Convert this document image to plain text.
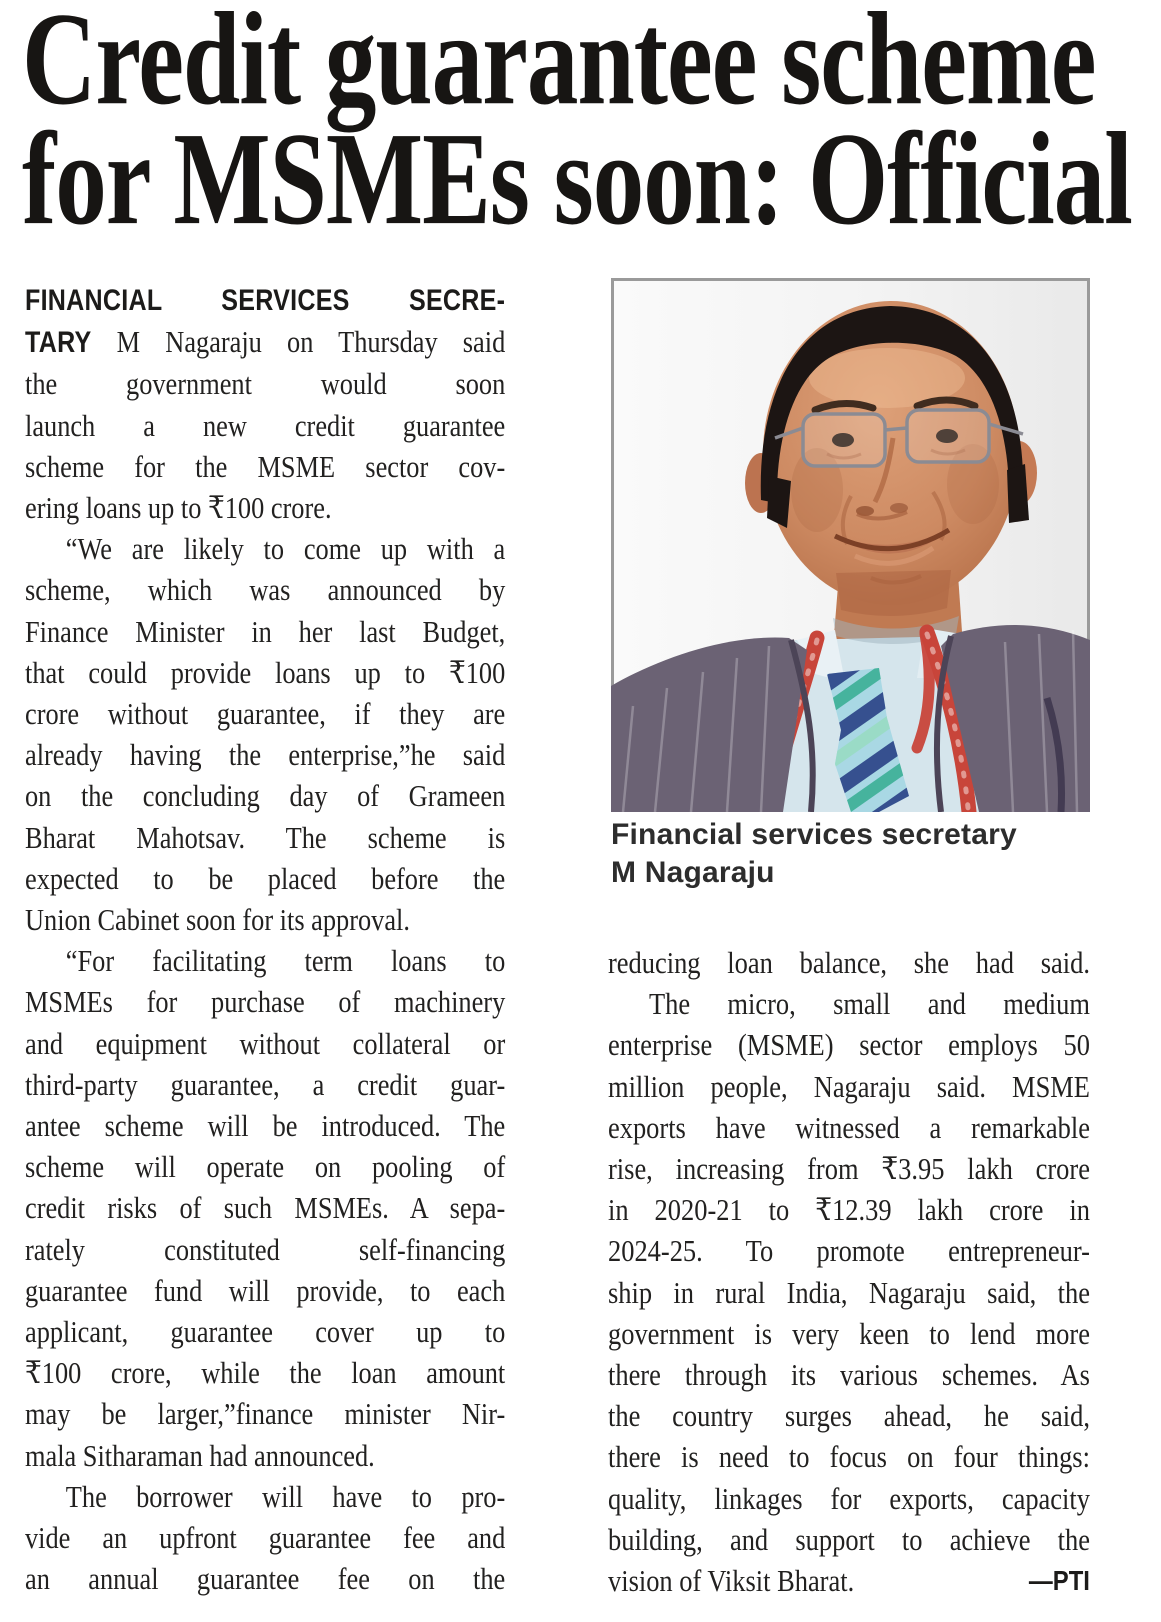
Credit guarantee scheme
for MSMEs soon: Official
FINANCIAL SERVICES SECRE-
TARY M Nagaraju on Thursday said
the government would soon
launch a new credit guarantee
scheme for the MSME sector cov-
ering loans up to ₹100 crore.
“We are likely to come up with a
scheme, which was announced by
Finance Minister in her last Budget,
that could provide loans up to ₹100
crore without guarantee, if they are
already having the enterprise,”he said
on the concluding day of Grameen
Bharat Mahotsav. The scheme is
expected to be placed before the
Union Cabinet soon for its approval.
“For facilitating term loans to
MSMEs for purchase of machinery
and equipment without collateral or
third-party guarantee, a credit guar-
antee scheme will be introduced. The
scheme will operate on pooling of
credit risks of such MSMEs. A sepa-
rately constituted self-financing
guarantee fund will provide, to each
applicant, guarantee cover up to
₹100 crore, while the loan amount
may be larger,”finance minister Nir-
mala Sitharaman had announced.
The borrower will have to pro-
vide an upfront guarantee fee and
an annual guarantee fee on the
Financial services secretary
M Nagaraju
reducing loan balance, she had said.
The micro, small and medium
enterprise (MSME) sector employs 50
million people, Nagaraju said. MSME
exports have witnessed a remarkable
rise, increasing from ₹3.95 lakh crore
in 2020-21 to ₹12.39 lakh crore in
2024-25. To promote entrepreneur-
ship in rural India, Nagaraju said, the
government is very keen to lend more
there through its various schemes. As
the country surges ahead, he said,
there is need to focus on four things:
quality, linkages for exports, capacity
building, and support to achieve the
—PTI
vision of Viksit Bharat.
